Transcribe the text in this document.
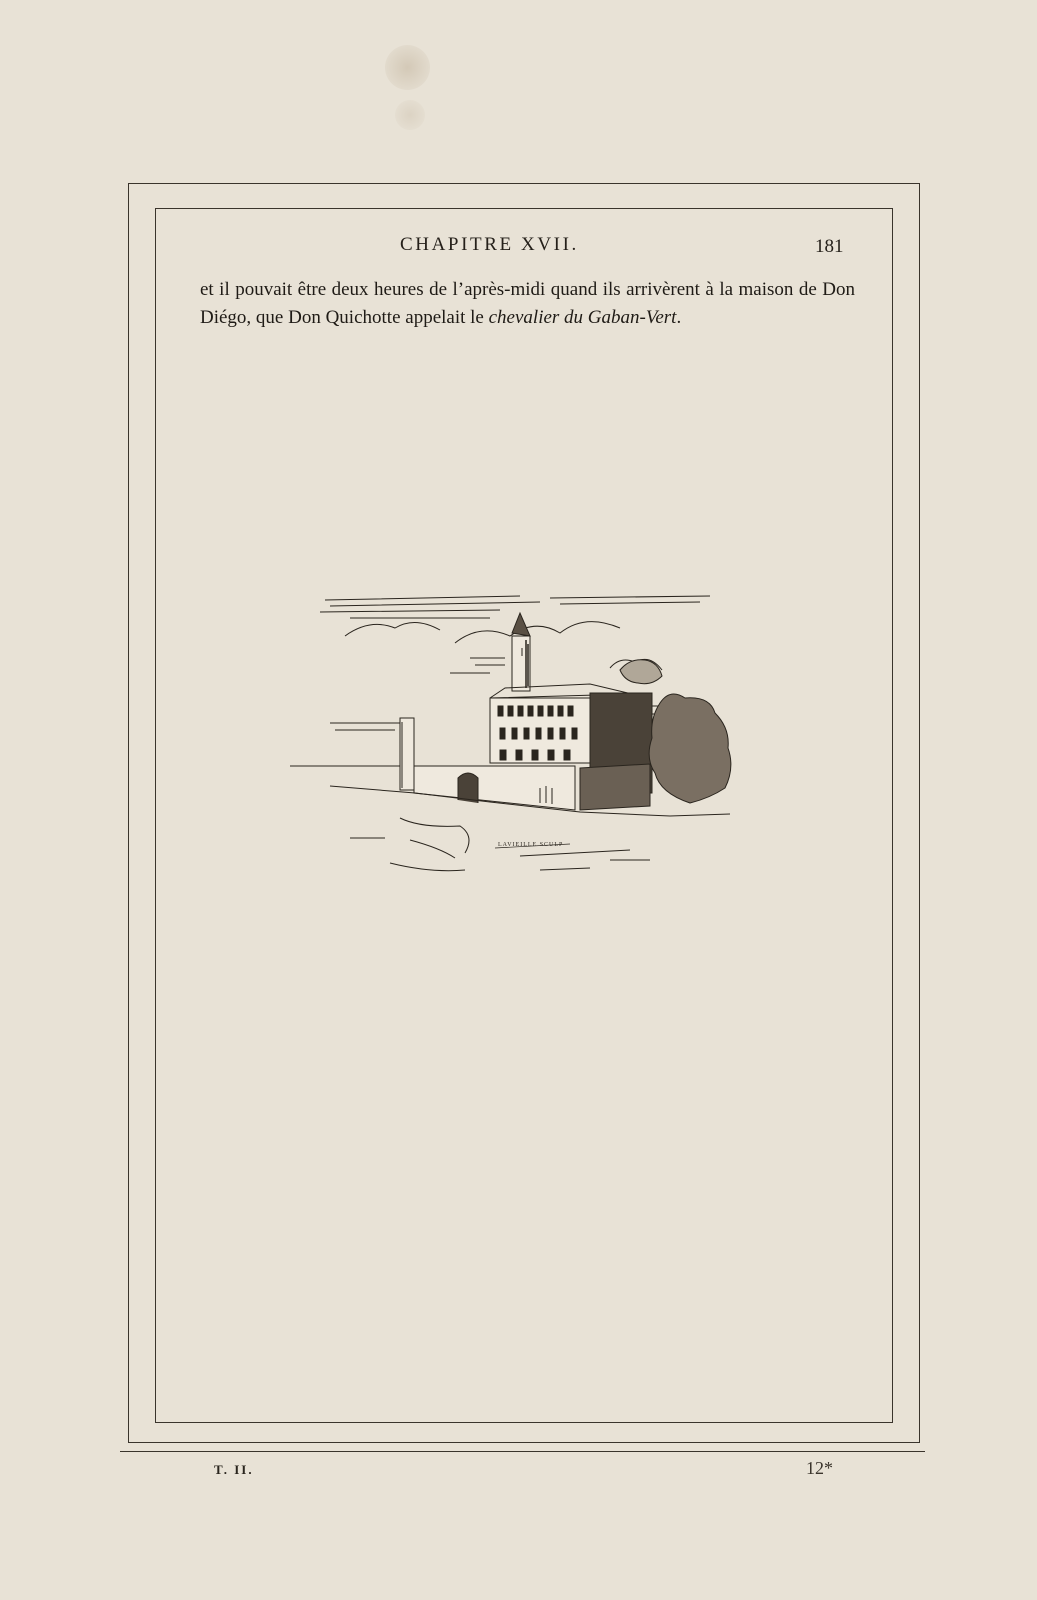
CHAPITRE XVII.	181
et il pouvait être deux heures de l’après-midi quand ils arrivèrent à la maison de Don Diégo, que Don Quichotte appelait le chevalier du Gaban-Vert.
LAVIEILLE SCULP
T. II.	12*
